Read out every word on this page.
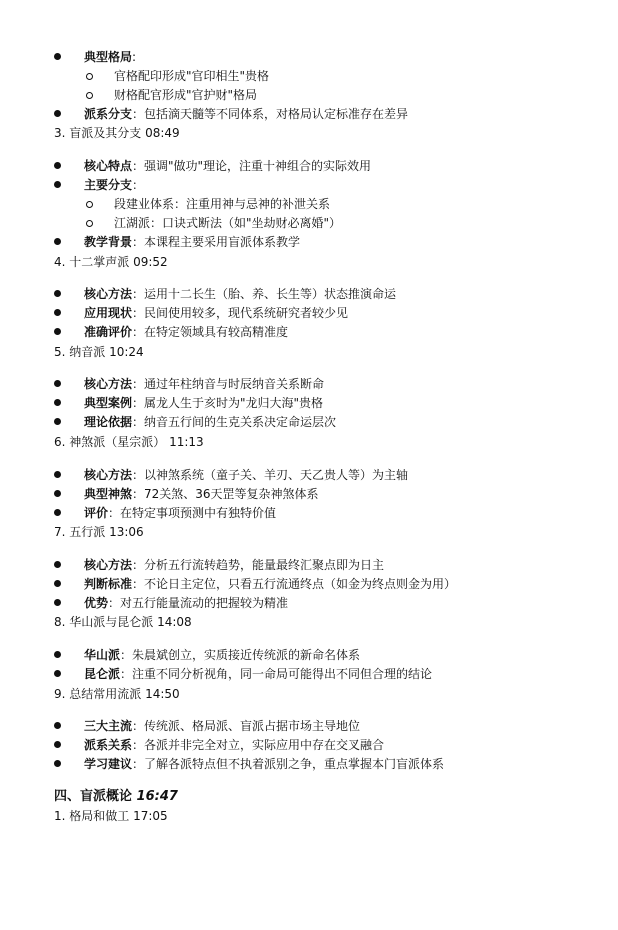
典型格局:
官格配印形成"官印相生"贵格
财格配官形成"官护财"格局
派系分支：包括滴天髓等不同体系，对格局认定标准存在差异
3. 盲派及其分支 08:49
核心特点：强调"做功"理论，注重十神组合的实际效用
主要分支：
段建业体系：注重用神与忌神的补泄关系
江湖派：口诀式断法（如"坐劫财必离婚"）
教学背景：本课程主要采用盲派体系教学
4. 十二掌声派 09:52
核心方法：运用十二长生（胎、养、长生等）状态推演命运
应用现状：民间使用较多，现代系统研究者较少见
准确评价：在特定领域具有较高精准度
5. 纳音派 10:24
核心方法：通过年柱纳音与时辰纳音关系断命
典型案例：属龙人生于亥时为"龙归大海"贵格
理论依据：纳音五行间的生克关系决定命运层次
6. 神煞派（星宗派） 11:13
核心方法：以神煞系统（童子关、羊刃、天乙贵人等）为主轴
典型神煞：72关煞、36天罡等复杂神煞体系
评价：在特定事项预测中有独特价值
7. 五行派 13:06
核心方法：分析五行流转趋势，能量最终汇聚点即为日主
判断标准：不论日主定位，只看五行流通终点（如金为终点则金为用）
优势：对五行能量流动的把握较为精准
8. 华山派与昆仑派 14:08
华山派：朱晨斌创立，实质接近传统派的新命名体系
昆仑派：注重不同分析视角，同一命局可能得出不同但合理的结论
9. 总结常用流派 14:50
三大主流：传统派、格局派、盲派占据市场主导地位
派系关系：各派并非完全对立，实际应用中存在交叉融合
学习建议：了解各派特点但不执着派别之争，重点掌握本门盲派体系
四、盲派概论 16:47
1. 格局和做工 17:05
